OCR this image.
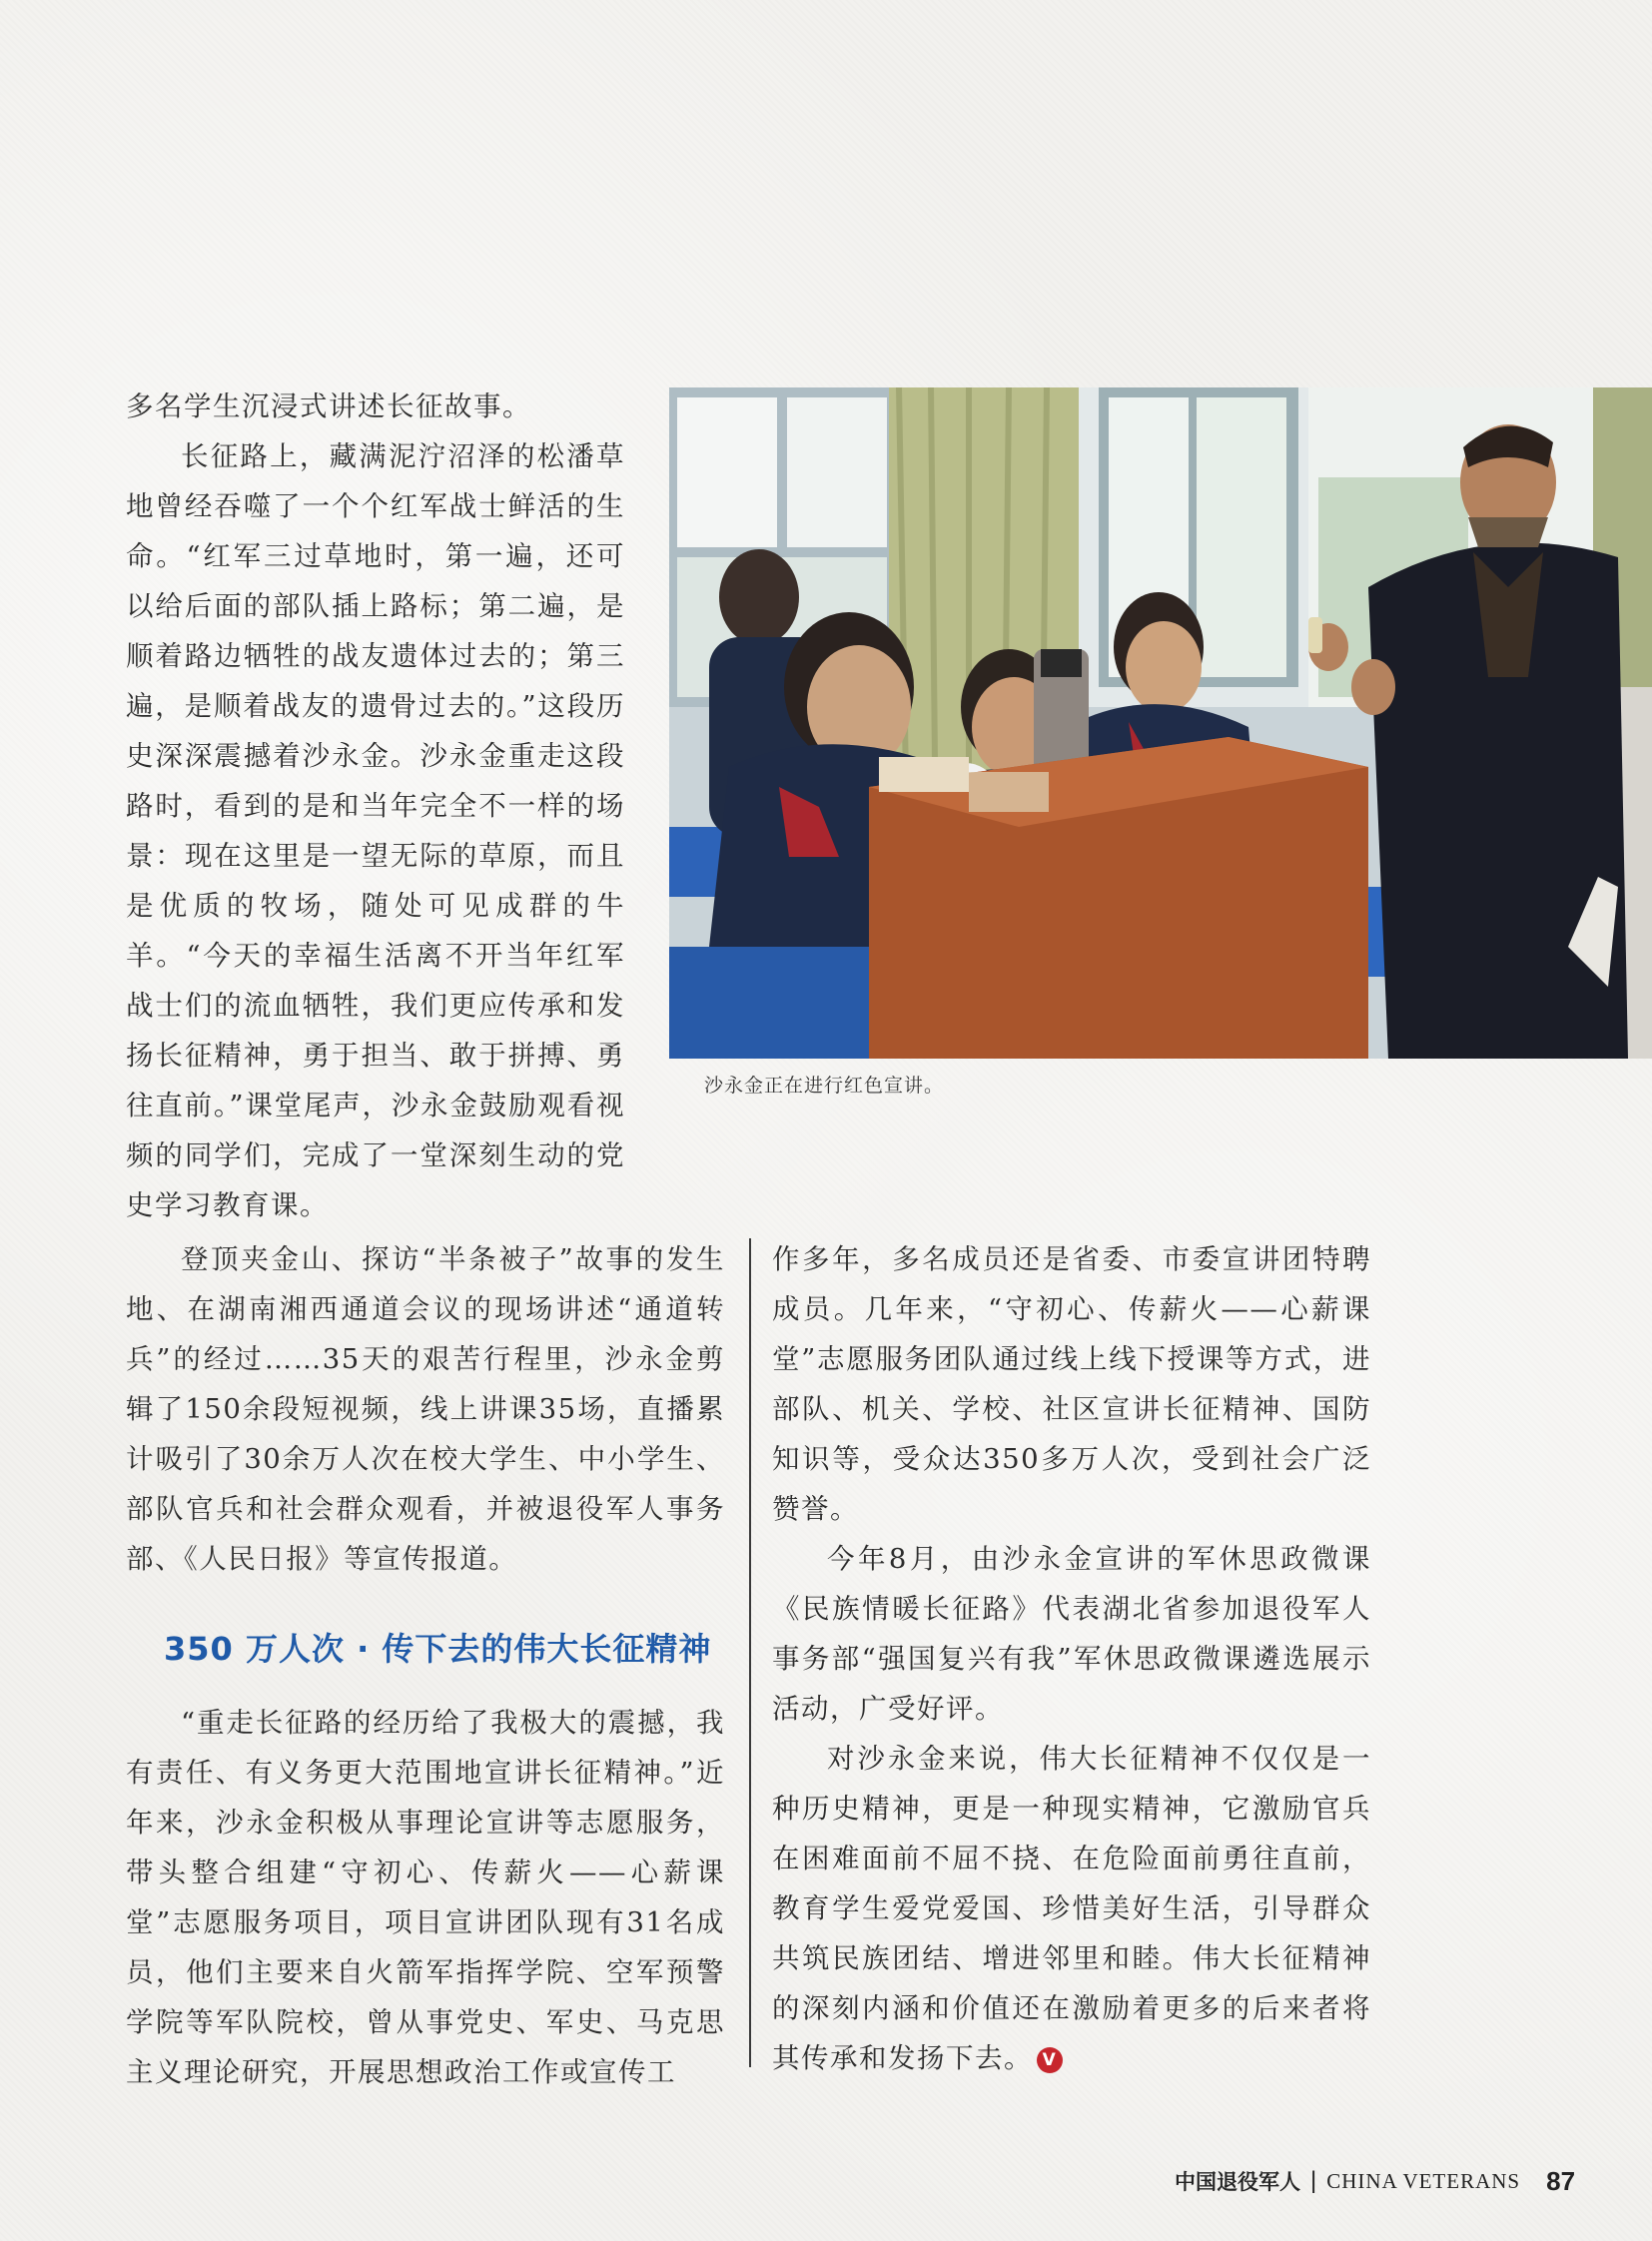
多名学生沉浸式讲述长征故事。

长征路上，藏满泥泞沼泽的松潘草地曾经吞噬了一个个红军战士鲜活的生命。“红军三过草地时，第一遍，还可以给后面的部队插上路标；第二遍，是顺着路边牺牲的战友遗体过去的；第三遍，是顺着战友的遗骨过去的。”这段历史深深震撼着沙永金。沙永金重走这段路时，看到的是和当年完全不一样的场景：现在这里是一望无际的草原，而且是优质的牧场，随处可见成群的牛羊。“今天的幸福生活离不开当年红军战士们的流血牺牲，我们更应传承和发扬长征精神，勇于担当、敢于拼搏、勇往直前。”课堂尾声，沙永金鼓励观看视频的同学们，完成了一堂深刻生动的党史学习教育课。

沙永金正在进行红色宣讲。

登顶夹金山、探访“半条被子”故事的发生地、在湖南湘西通道会议的现场讲述“通道转兵”的经过……35天的艰苦行程里，沙永金剪辑了150余段短视频，线上讲课35场，直播累计吸引了30余万人次在校大学生、中小学生、部队官兵和社会群众观看，并被退役军人事务部、《人民日报》等宣传报道。

350 万人次 · 传下去的伟大长征精神

“重走长征路的经历给了我极大的震撼，我有责任、有义务更大范围地宣讲长征精神。”近年来，沙永金积极从事理论宣讲等志愿服务，带头整合组建“守初心、传薪火——心薪课堂”志愿服务项目，项目宣讲团队现有31名成员，他们主要来自火箭军指挥学院、空军预警学院等军队院校，曾从事党史、军史、马克思主义理论研究，开展思想政治工作或宣传工

作多年，多名成员还是省委、市委宣讲团特聘成员。几年来，“守初心、传薪火——心薪课堂”志愿服务团队通过线上线下授课等方式，进部队、机关、学校、社区宣讲长征精神、国防知识等，受众达350多万人次，受到社会广泛赞誉。

今年8月，由沙永金宣讲的军休思政微课《民族情暖长征路》代表湖北省参加退役军人事务部“强国复兴有我”军休思政微课遴选展示活动，广受好评。

对沙永金来说，伟大长征精神不仅仅是一种历史精神，更是一种现实精神，它激励官兵在困难面前不屈不挠、在危险面前勇往直前，教育学生爱党爱国、珍惜美好生活，引导群众共筑民族团结、增进邻里和睦。伟大长征精神的深刻内涵和价值还在激励着更多的后来者将其传承和发扬下去。 V

中国退役军人 | CHINA VETERANS 87
